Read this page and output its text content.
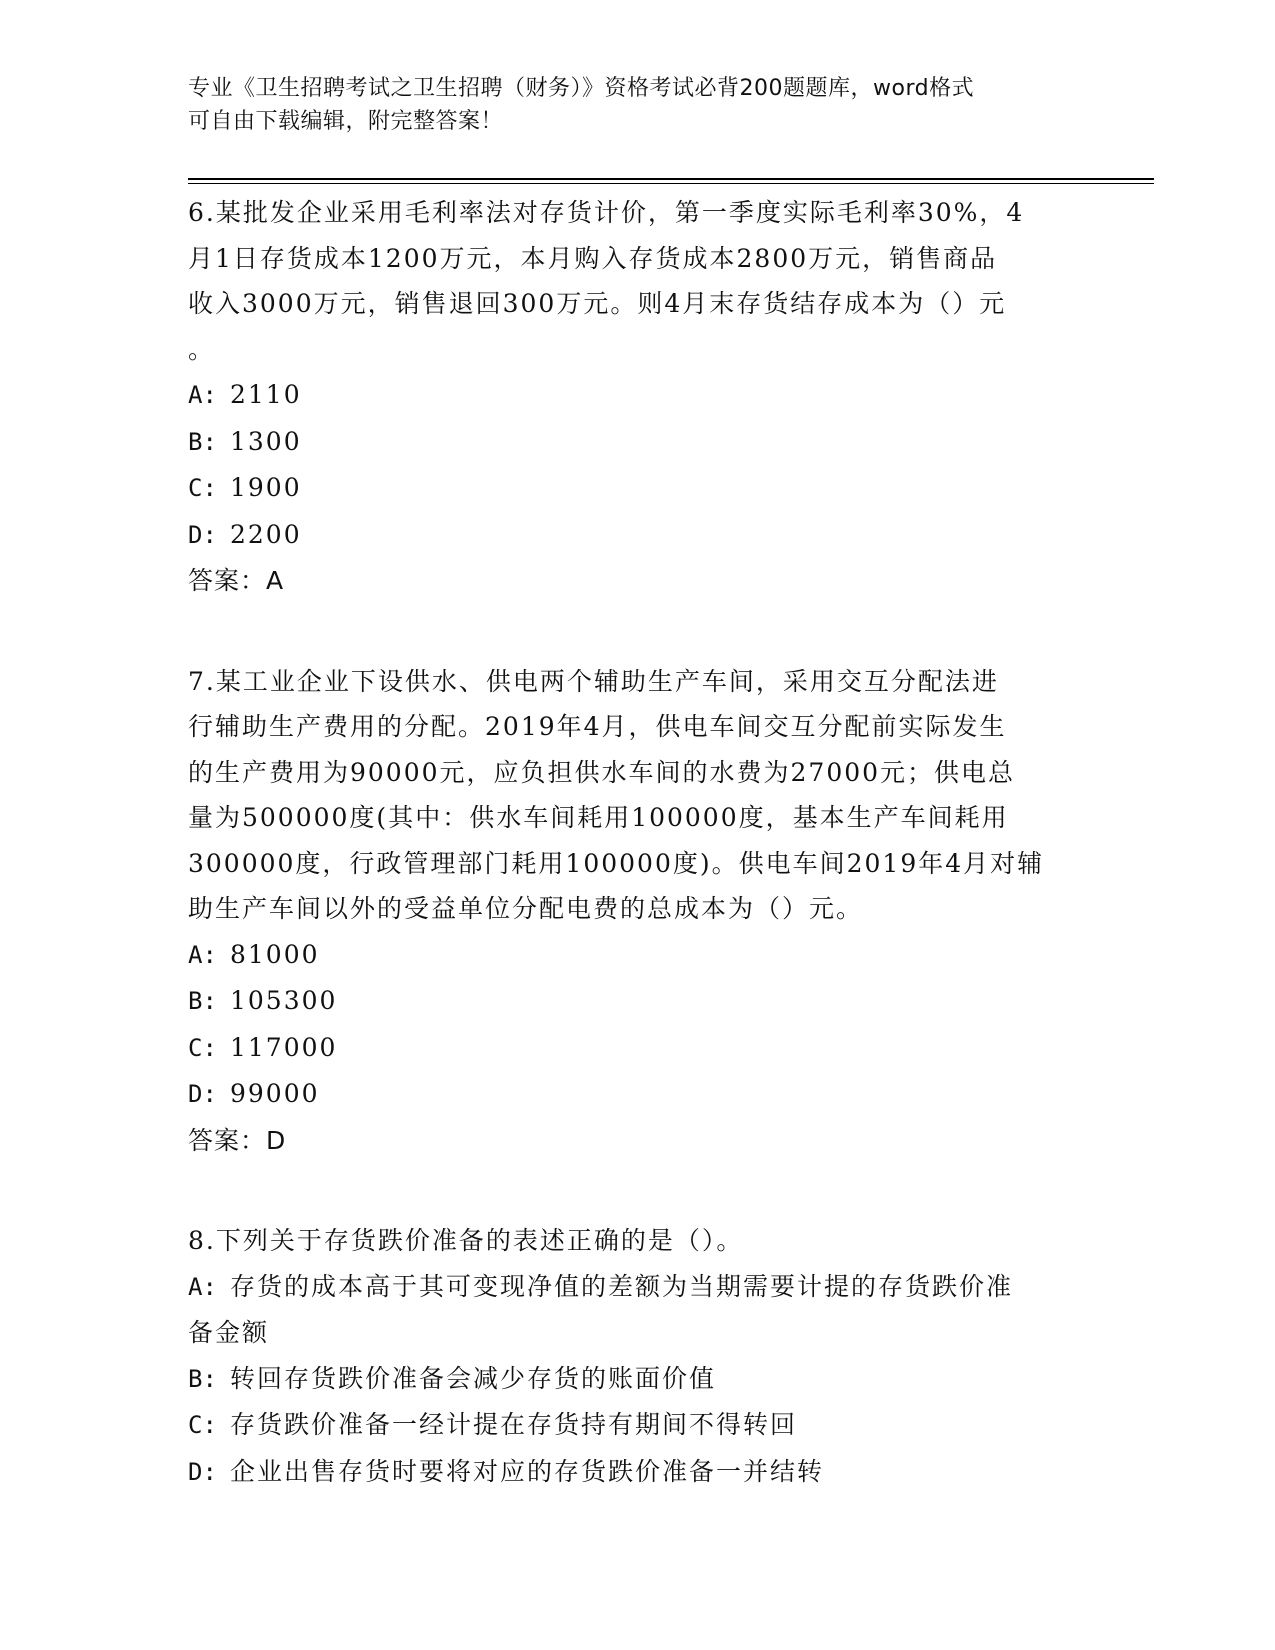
专业《卫生招聘考试之卫生招聘（财务）》资格考试必背200题题库，word格式
可自由下载编辑，附完整答案！

6.某批发企业采用毛利率法对存货计价，第一季度实际毛利率30%，4

月1日存货成本1200万元，本月购入存货成本2800万元，销售商品

收入3000万元，销售退回300万元。则4月末存货结存成本为（）元

。

A: 2110

B: 1300

C: 1900

D: 2200

答案：A

7.某工业企业下设供水、供电两个辅助生产车间，采用交互分配法进

行辅助生产费用的分配。2019年4月，供电车间交互分配前实际发生

的生产费用为90000元，应负担供水车间的水费为27000元；供电总

量为500000度(其中：供水车间耗用100000度，基本生产车间耗用

300000度，行政管理部门耗用100000度)。供电车间2019年4月对辅

助生产车间以外的受益单位分配电费的总成本为（）元。

A: 81000

B: 105300

C: 117000

D: 99000

答案：D

8.下列关于存货跌价准备的表述正确的是（）。

A: 存货的成本高于其可变现净值的差额为当期需要计提的存货跌价准

备金额

B: 转回存货跌价准备会减少存货的账面价值

C: 存货跌价准备一经计提在存货持有期间不得转回

D: 企业出售存货时要将对应的存货跌价准备一并结转
